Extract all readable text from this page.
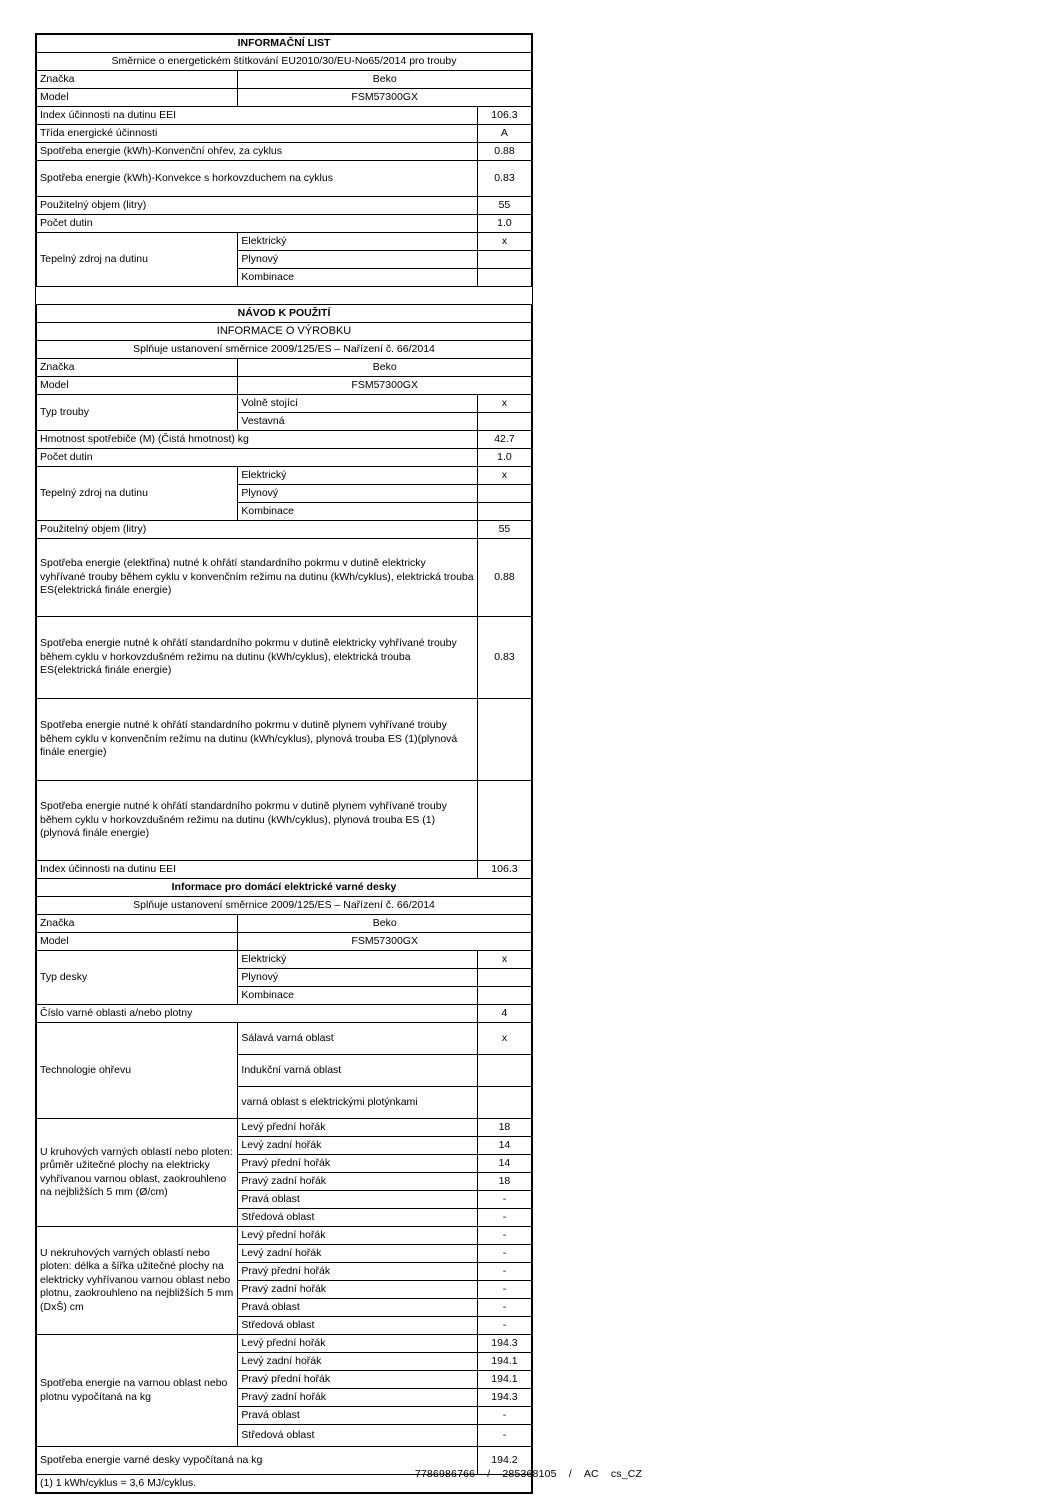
INFORMAČNÍ LIST		
Směrnice o energetickém štítkování EU2010/30/EU-No65/2014 pro trouby		
Značka	Beko	
Model	FSM57300GX	
Index účinnosti na dutinu EEI		106.3
Třída energické účinnosti		A
Spotřeba energie (kWh)-Konvenční ohřev, za cyklus		0.88
Spotřeba energie (kWh)-Konvekce s horkovzduchem na cyklus		0.83
Použitelný objem (litry)		55
Počet dutin		1.0
Tepelný zdroj na dutinu	Elektrický	x
	Plynový	
	Kombinace	

NÁVOD K POUŽITÍ		
INFORMACE O VÝROBKU		
Splňuje ustanovení směrnice 2009/125/ES – Nařízení č. 66/2014		
Značka	Beko	
Model	FSM57300GX	
Typ trouby	Volně stojící	x
	Vestavná	
Hmotnost spotřebiče (M) (Čistá hmotnost) kg		42.7
Počet dutin		1.0
Tepelný zdroj na dutinu	Elektrický	x
	Plynový	
	Kombinace	
Použitelný objem (litry)		55
Spotřeba energie (elektřina) nutné k ohřátí standardního pokrmu v dutině elektricky vyhřívané trouby během cyklu v konvenčním režimu na dutinu (kWh/cyklus), elektrická trouba ES(elektrická finále energie)		0.88
Spotřeba energie nutné k ohřátí standardního pokrmu v dutině elektricky vyhřívané trouby během cyklu v horkovzdušném režimu na dutinu (kWh/cyklus), elektrická trouba ES(elektrická finále energie)		0.83
Spotřeba energie nutné k ohřátí standardního pokrmu v dutině plynem vyhřívané trouby během cyklu v konvenčním režimu na dutinu (kWh/cyklus), plynová trouba ES (1)(plynová finále energie)		
Spotřeba energie nutné k ohřátí standardního pokrmu v dutině plynem vyhřívané trouby během cyklu v horkovzdušném režimu na dutinu (kWh/cyklus), plynová trouba ES (1)(plynová finále energie)		
Index účinnosti na dutinu EEI		106.3
Informace pro domácí elektrické varné desky		
Splňuje ustanovení směrnice 2009/125/ES – Nařízení č. 66/2014		
Značka	Beko	
Model	FSM57300GX	
Typ desky	Elektrický	x
	Plynový	
	Kombinace	
Číslo varné oblasti a/nebo plotny		4
Technologie ohřevu	Sálavá varná oblast	x
	Indukční varná oblast	
	varná oblast s elektrickými plotýnkami	
U kruhových varných oblastí nebo ploten: průměr užitečné plochy na elektricky vyhřívanou varnou oblast, zaokrouhleno na nejbližších 5 mm (Ø/cm)	Levý přední hořák	18
	Levý zadní hořák	14
	Pravý přední hořák	14
	Pravý zadní hořák	18
	Pravá oblast	-
	Středová oblast	-
U nekruhových varných oblastí nebo ploten: délka a šířka užitečné plochy na elektricky vyhřívanou varnou oblast nebo plotnu, zaokrouhleno na nejbližších 5 mm (DxŠ) cm	Levý přední hořák	-
	Levý zadní hořák	-
	Pravý přední hořák	-
	Pravý zadní hořák	-
	Pravá oblast	-
	Středová oblast	-
Spotřeba energie na varnou oblast nebo plotnu vypočítaná na kg	Levý přední hořák	194.3
	Levý zadní hořák	194.1
	Pravý přední hořák	194.1
	Pravý zadní hořák	194.3
	Pravá oblast	-
	Středová oblast	-
Spotřeba energie varné desky vypočítaná na kg		194.2
(1) 1 kWh/cyklus = 3,6 MJ/cyklus.		
7786986766 / 285368105 / AC cs_CZ
